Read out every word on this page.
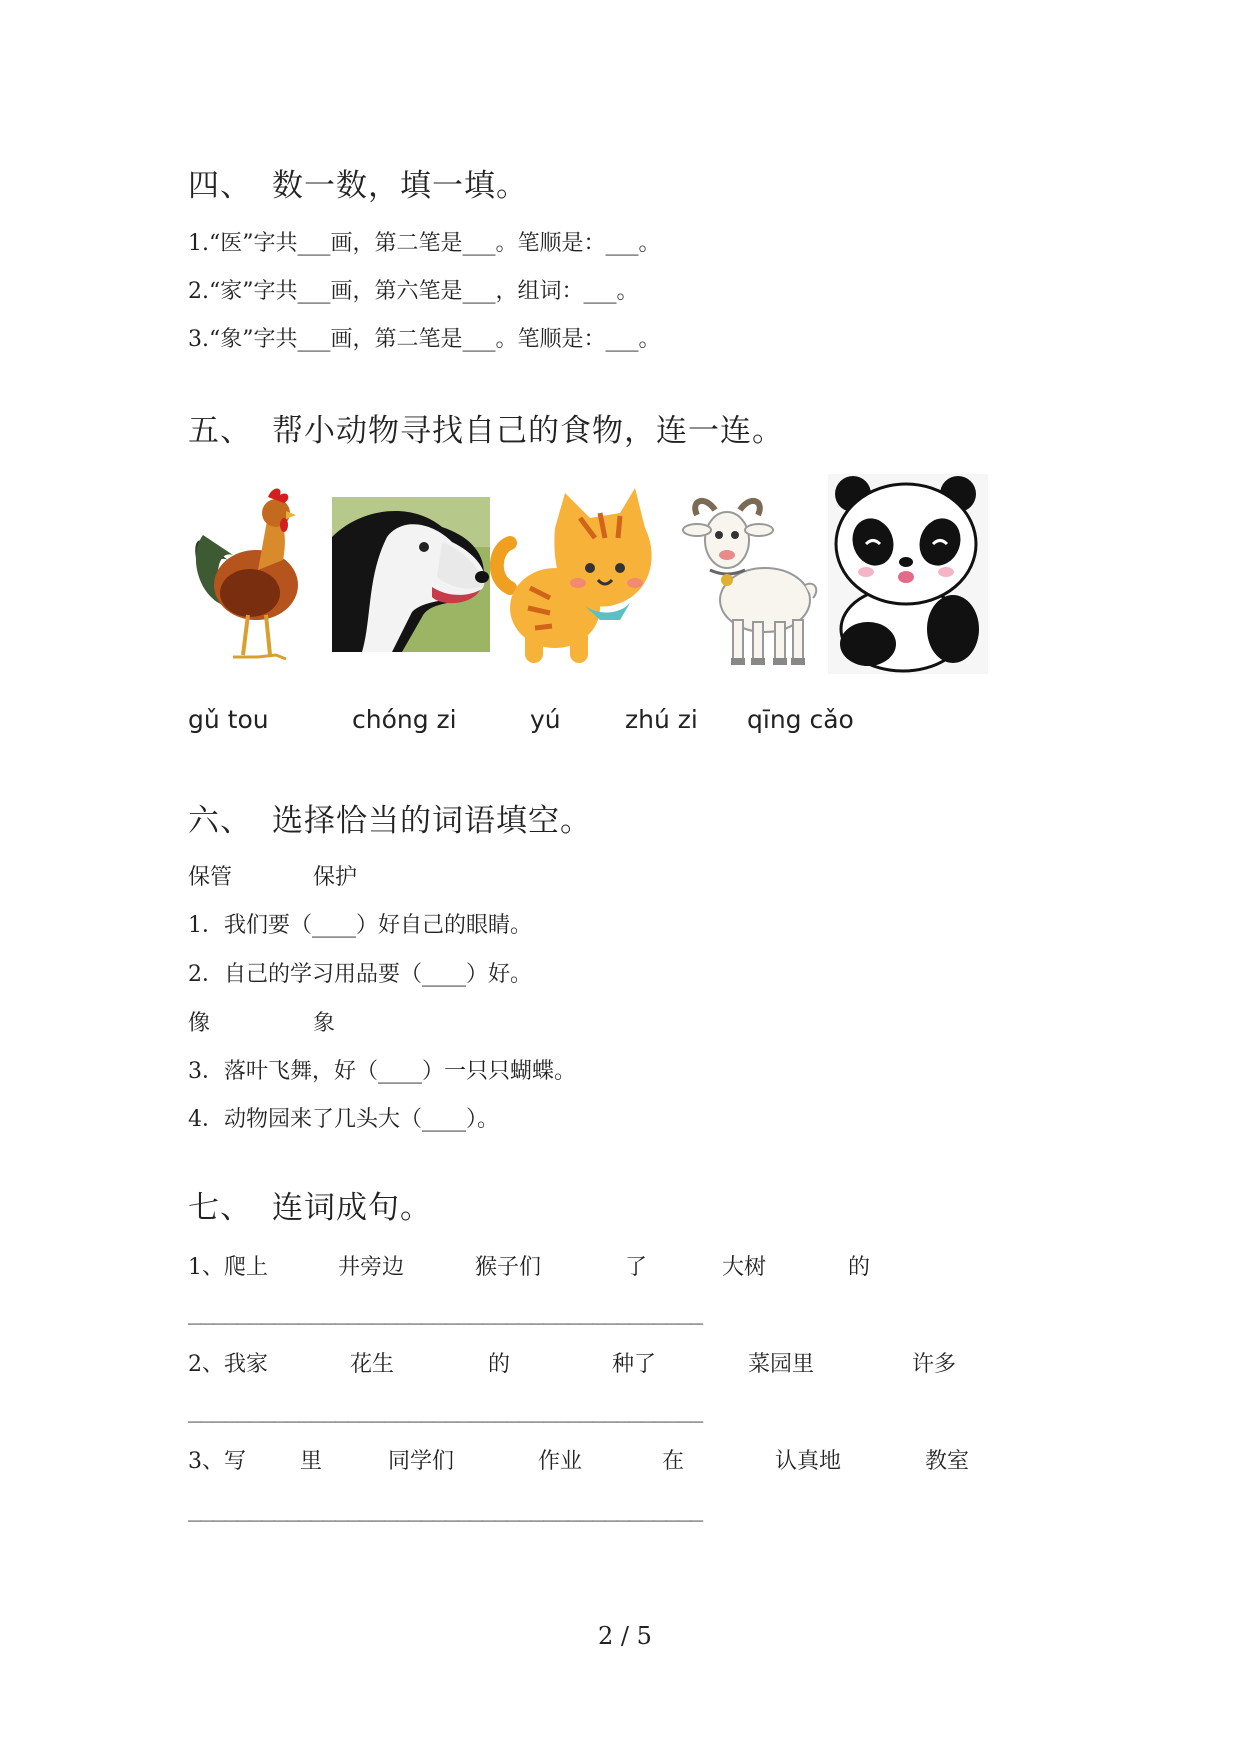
四、 数一数，填一填。
1.“医”字共___画，第二笔是___。笔顺是：___。
2.“家”字共___画，第六笔是___，组词：___。
3.“象”字共___画，第二笔是___。笔顺是：___。
五、 帮小动物寻找自己的食物，连一连。
gǔ tou	chóng zi	yú	zhú zi qīng cǎo
六、 选择恰当的词语填空。
保管	保护
1．我们要（____）好自己的眼睛。
2．自己的学习用品要（____）好。
像	象
3．落叶飞舞，好（____）一只只蝴蝶。
4．动物园来了几头大（____）。
七、 连词成句。
1、爬上	井旁边	猴子们	了	大树	的
__________________________________________
2、我家	花生	的	种了	菜园里	许多
__________________________________________
3、写 里	同学们	作业	在	认真地	教室
__________________________________________
2 / 5
